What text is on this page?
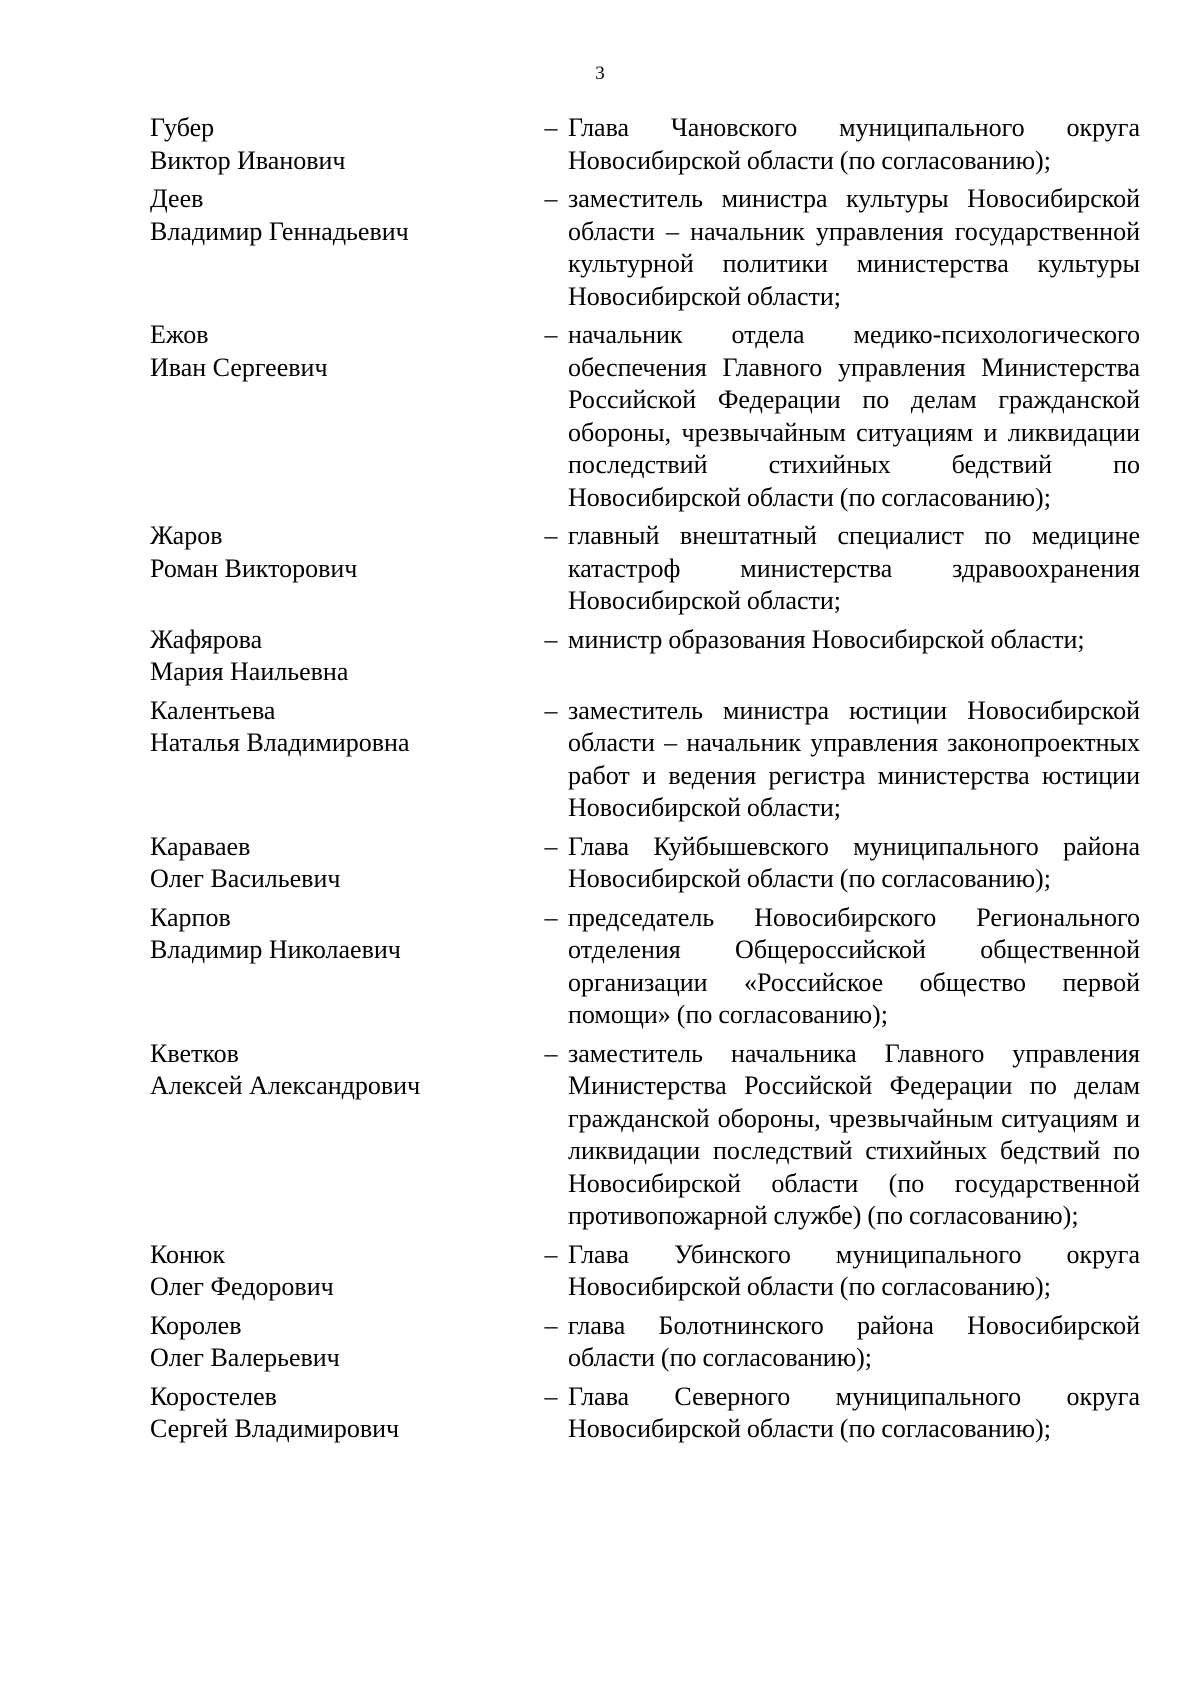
3
Губер
Виктор Иванович
– Глава Чановского муниципального округа Новосибирской области (по согласованию);
Деев
Владимир Геннадьевич
– заместитель министра культуры Новосибирской области – начальник управления государственной культурной политики министерства культуры Новосибирской области;
Ежов
Иван Сергеевич
– начальник отдела медико-психологического обеспечения Главного управления Министерства Российской Федерации по делам гражданской обороны, чрезвычайным ситуациям и ликвидации последствий стихийных бедствий по Новосибирской области (по согласованию);
Жаров
Роман Викторович
– главный внештатный специалист по медицине катастроф министерства здравоохранения Новосибирской области;
Жафярова
Мария Наильевна
– министр образования Новосибирской области;
Калентьева
Наталья Владимировна
– заместитель министра юстиции Новосибирской области – начальник управления законопроектных работ и ведения регистра министерства юстиции Новосибирской области;
Караваев
Олег Васильевич
– Глава Куйбышевского муниципального района Новосибирской области (по согласованию);
Карпов
Владимир Николаевич
– председатель Новосибирского Регионального отделения Общероссийской общественной организации «Российское общество первой помощи» (по согласованию);
Кветков
Алексей Александрович
– заместитель начальника Главного управления Министерства Российской Федерации по делам гражданской обороны, чрезвычайным ситуациям и ликвидации последствий стихийных бедствий по Новосибирской области (по государственной противопожарной службе) (по согласованию);
Конюк
Олег Федорович
– Глава Убинского муниципального округа Новосибирской области (по согласованию);
Королев
Олег Валерьевич
– глава Болотнинского района Новосибирской области (по согласованию);
Коростелев
Сергей Владимирович
– Глава Северного муниципального округа Новосибирской области (по согласованию);
